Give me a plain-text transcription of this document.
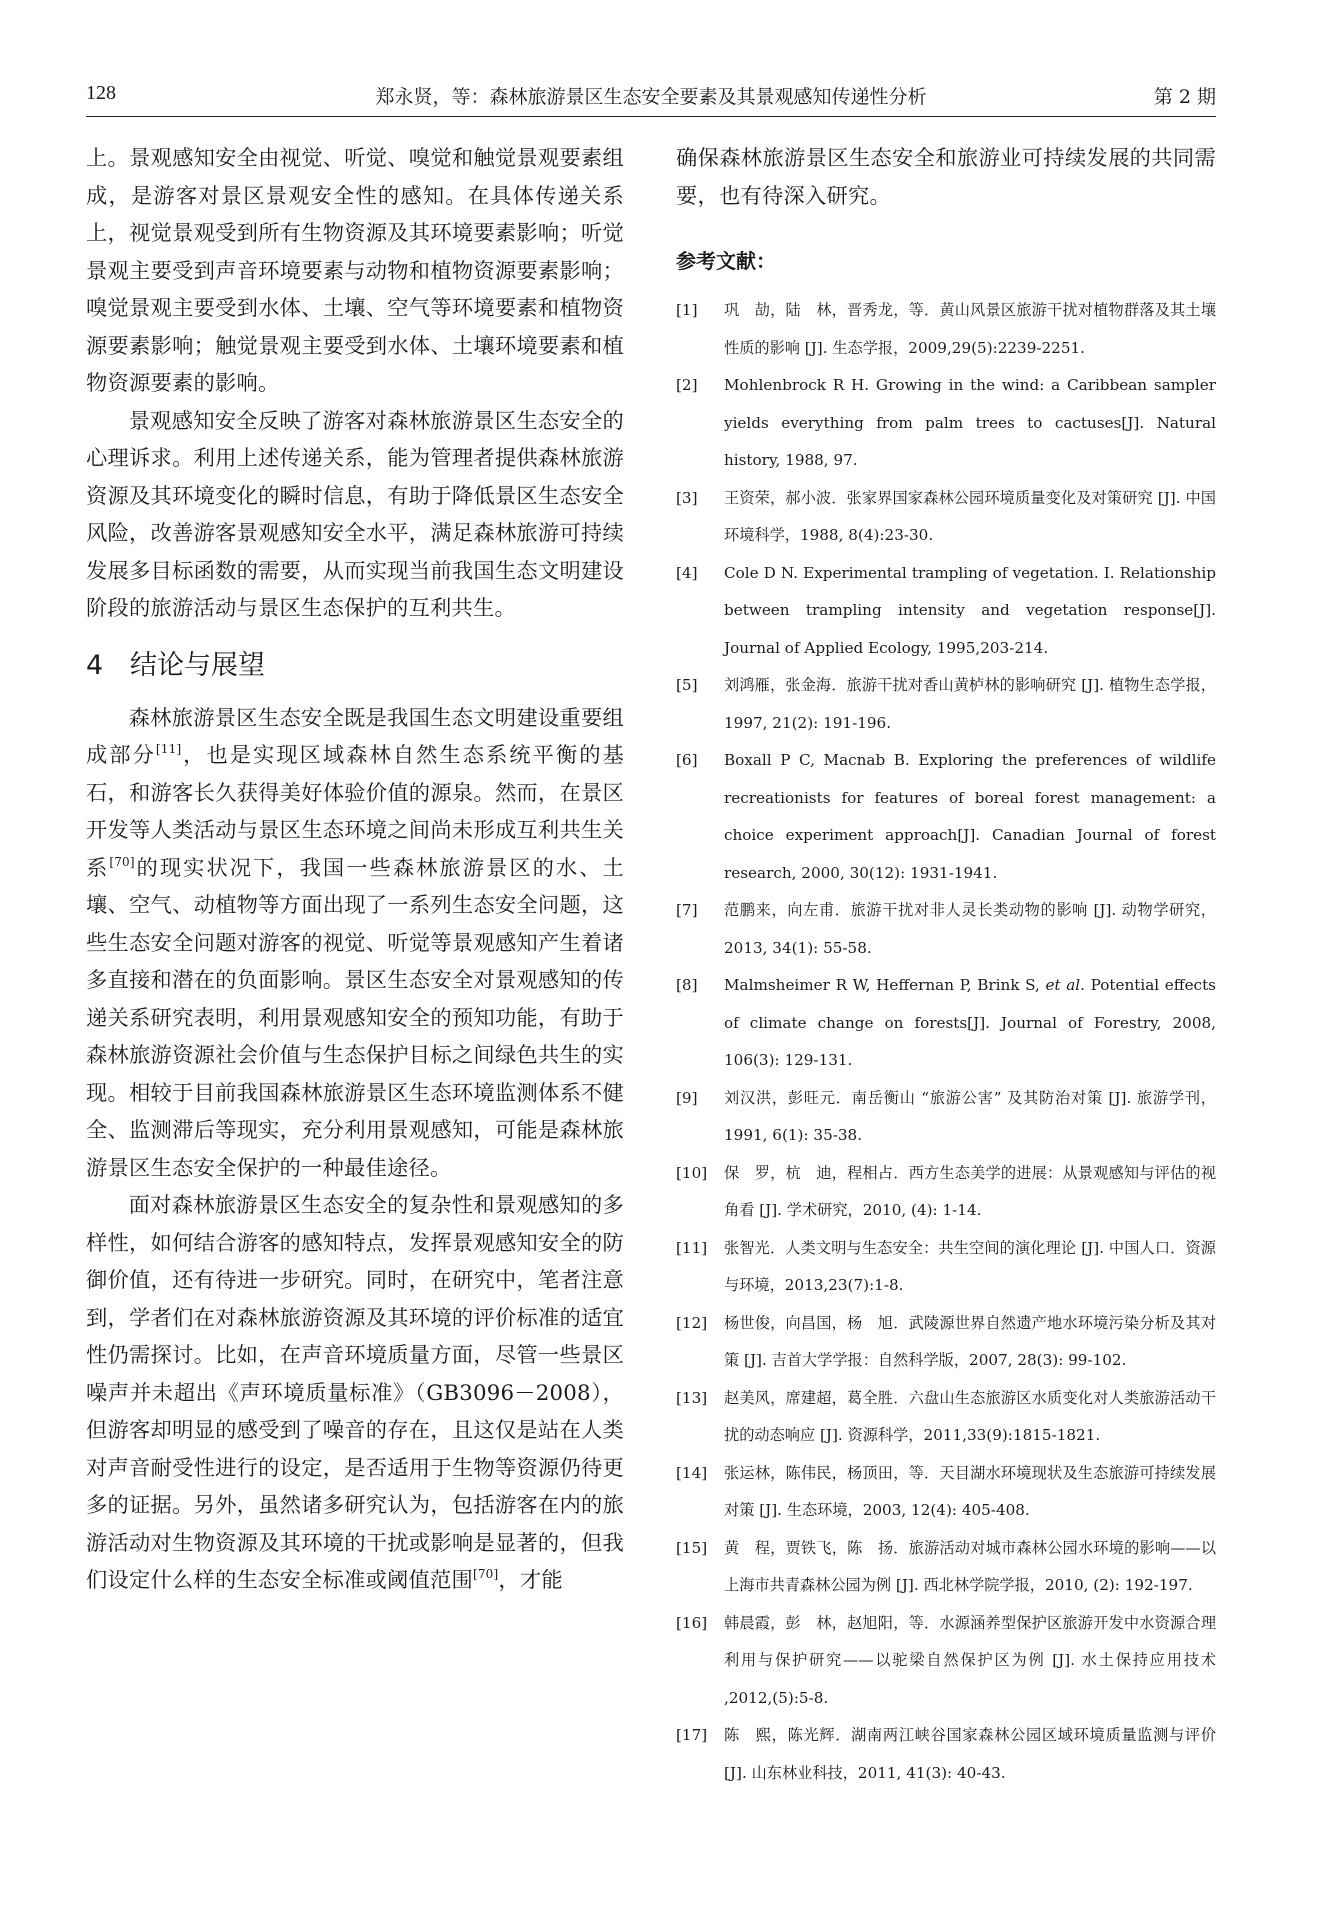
128	郑永贤，等：森林旅游景区生态安全要素及其景观感知传递性分析	第 2 期

上。景观感知安全由视觉、听觉、嗅觉和触觉景观要素组成，是游客对景区景观安全性的感知。在具体传递关系上，视觉景观受到所有生物资源及其环境要素影响；听觉景观主要受到声音环境要素与动物和植物资源要素影响；嗅觉景观主要受到水体、土壤、空气等环境要素和植物资源要素影响；触觉景观主要受到水体、土壤环境要素和植物资源要素的影响。

景观感知安全反映了游客对森林旅游景区生态安全的心理诉求。利用上述传递关系，能为管理者提供森林旅游资源及其环境变化的瞬时信息，有助于降低景区生态安全风险，改善游客景观感知安全水平，满足森林旅游可持续发展多目标函数的需要，从而实现当前我国生态文明建设阶段的旅游活动与景区生态保护的互利共生。

4 结论与展望

森林旅游景区生态安全既是我国生态文明建设重要组成部分[11]，也是实现区域森林自然生态系统平衡的基石，和游客长久获得美好体验价值的源泉。然而，在景区开发等人类活动与景区生态环境之间尚未形成互利共生关系[70]的现实状况下，我国一些森林旅游景区的水、土壤、空气、动植物等方面出现了一系列生态安全问题，这些生态安全问题对游客的视觉、听觉等景观感知产生着诸多直接和潜在的负面影响。景区生态安全对景观感知的传递关系研究表明，利用景观感知安全的预知功能，有助于森林旅游资源社会价值与生态保护目标之间绿色共生的实现。相较于目前我国森林旅游景区生态环境监测体系不健全、监测滞后等现实，充分利用景观感知，可能是森林旅游景区生态安全保护的一种最佳途径。

面对森林旅游景区生态安全的复杂性和景观感知的多样性，如何结合游客的感知特点，发挥景观感知安全的防御价值，还有待进一步研究。同时，在研究中，笔者注意到，学者们在对森林旅游资源及其环境的评价标准的适宜性仍需探讨。比如，在声音环境质量方面，尽管一些景区噪声并未超出《声环境质量标准》（GB3096－2008），但游客却明显的感受到了噪音的存在，且这仅是站在人类对声音耐受性进行的设定，是否适用于生物等资源仍待更多的证据。另外，虽然诸多研究认为，包括游客在内的旅游活动对生物资源及其环境的干扰或影响是显著的，但我们设定什么样的生态安全标准或阈值范围[70]，才能

确保森林旅游景区生态安全和旅游业可持续发展的共同需要，也有待深入研究。

参考文献：

[1] 巩　劼，陆　林，晋秀龙，等．黄山风景区旅游干扰对植物群落及其土壤性质的影响 [J]. 生态学报，2009,29(5):2239-2251.

[2] Mohlenbrock R H. Growing in the wind: a Caribbean sampler yields everything from palm trees to cactuses[J]. Natural history, 1988, 97.

[3] 王资荣，郝小波．张家界国家森林公园环境质量变化及对策研究 [J]. 中国环境科学，1988, 8(4):23-30.

[4] Cole D N. Experimental trampling of vegetation. I. Relationship between trampling intensity and vegetation response[J]. Journal of Applied Ecology, 1995,203-214.

[5] 刘鸿雁，张金海．旅游干扰对香山黄栌林的影响研究 [J]. 植物生态学报，1997, 21(2): 191-196.

[6] Boxall P C, Macnab B. Exploring the preferences of wildlife recreationists for features of boreal forest management: a choice experiment approach[J]. Canadian Journal of forest research, 2000, 30(12): 1931-1941.

[7] 范鹏来，向左甫．旅游干扰对非人灵长类动物的影响 [J]. 动物学研究，2013, 34(1): 55-58.

[8] Malmsheimer R W, Heffernan P, Brink S, et al. Potential effects of climate change on forests[J]. Journal of Forestry, 2008, 106(3): 129-131.

[9] 刘汉洪，彭旺元．南岳衡山 “旅游公害” 及其防治对策 [J]. 旅游学刊，1991, 6(1): 35-38.

[10] 保　罗，杭　迪，程相占．西方生态美学的进展：从景观感知与评估的视角看 [J]. 学术研究，2010, (4): 1-14.

[11] 张智光．人类文明与生态安全：共生空间的演化理论 [J]. 中国人口．资源与环境，2013,23(7):1-8.

[12] 杨世俊，向昌国，杨　旭．武陵源世界自然遗产地水环境污染分析及其对策 [J]. 吉首大学学报：自然科学版，2007, 28(3): 99-102.

[13] 赵美风，席建超，葛全胜．六盘山生态旅游区水质变化对人类旅游活动干扰的动态响应 [J]. 资源科学，2011,33(9):1815-1821.

[14] 张运林，陈伟民，杨顶田，等．天目湖水环境现状及生态旅游可持续发展对策 [J]. 生态环境，2003, 12(4): 405-408.

[15] 黄　程，贾铁飞，陈　扬．旅游活动对城市森林公园水环境的影响——以上海市共青森林公园为例 [J]. 西北林学院学报，2010, (2): 192-197.

[16] 韩晨霞，彭　林，赵旭阳，等．水源涵养型保护区旅游开发中水资源合理利用与保护研究——以驼梁自然保护区为例 [J]. 水土保持应用技术 ,2012,(5):5-8.

[17] 陈　熙，陈光辉．湖南两江峡谷国家森林公园区域环境质量监测与评价 [J]. 山东林业科技，2011, 41(3): 40-43.
